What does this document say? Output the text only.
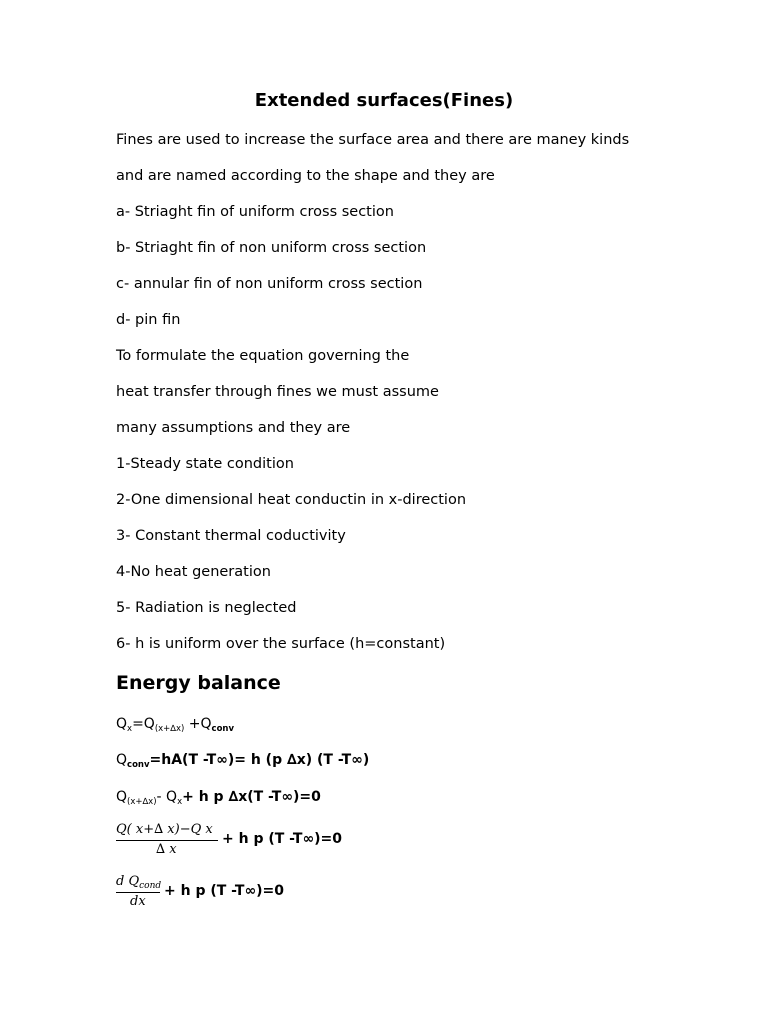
Extended surfaces(Fines)
Fines are used to increase the surface area and there are maney kinds
and are named according to the shape and they are
a- Striaght fin of uniform cross section
b- Striaght fin of non uniform cross section
c- annular fin of non uniform cross section
d- pin fin
To formulate the equation governing the
heat transfer through fines we must assume
many assumptions and they are
1-Steady state condition
2-One dimensional heat conductin in x-direction
3- Constant thermal coductivity
4-No heat generation
5- Radiation is neglected
6- h is uniform over the surface (h=constant)
Energy balance
$Q_x=Q_{(x+\Delta x)} +Q_{conv}$
$Q_{conv}=hA(T$ -T∞)= h (p ∆x) (T -T∞)
$Q_{(x+\Delta x)}-$ $Q_x+ h$ p ∆x(T -T∞)=0
Q( x+∆ x)−Q x
∆ x
+ h p (T -T∞)=0
d $Q_{cond}$
dx
+ h p (T -T∞)=0
